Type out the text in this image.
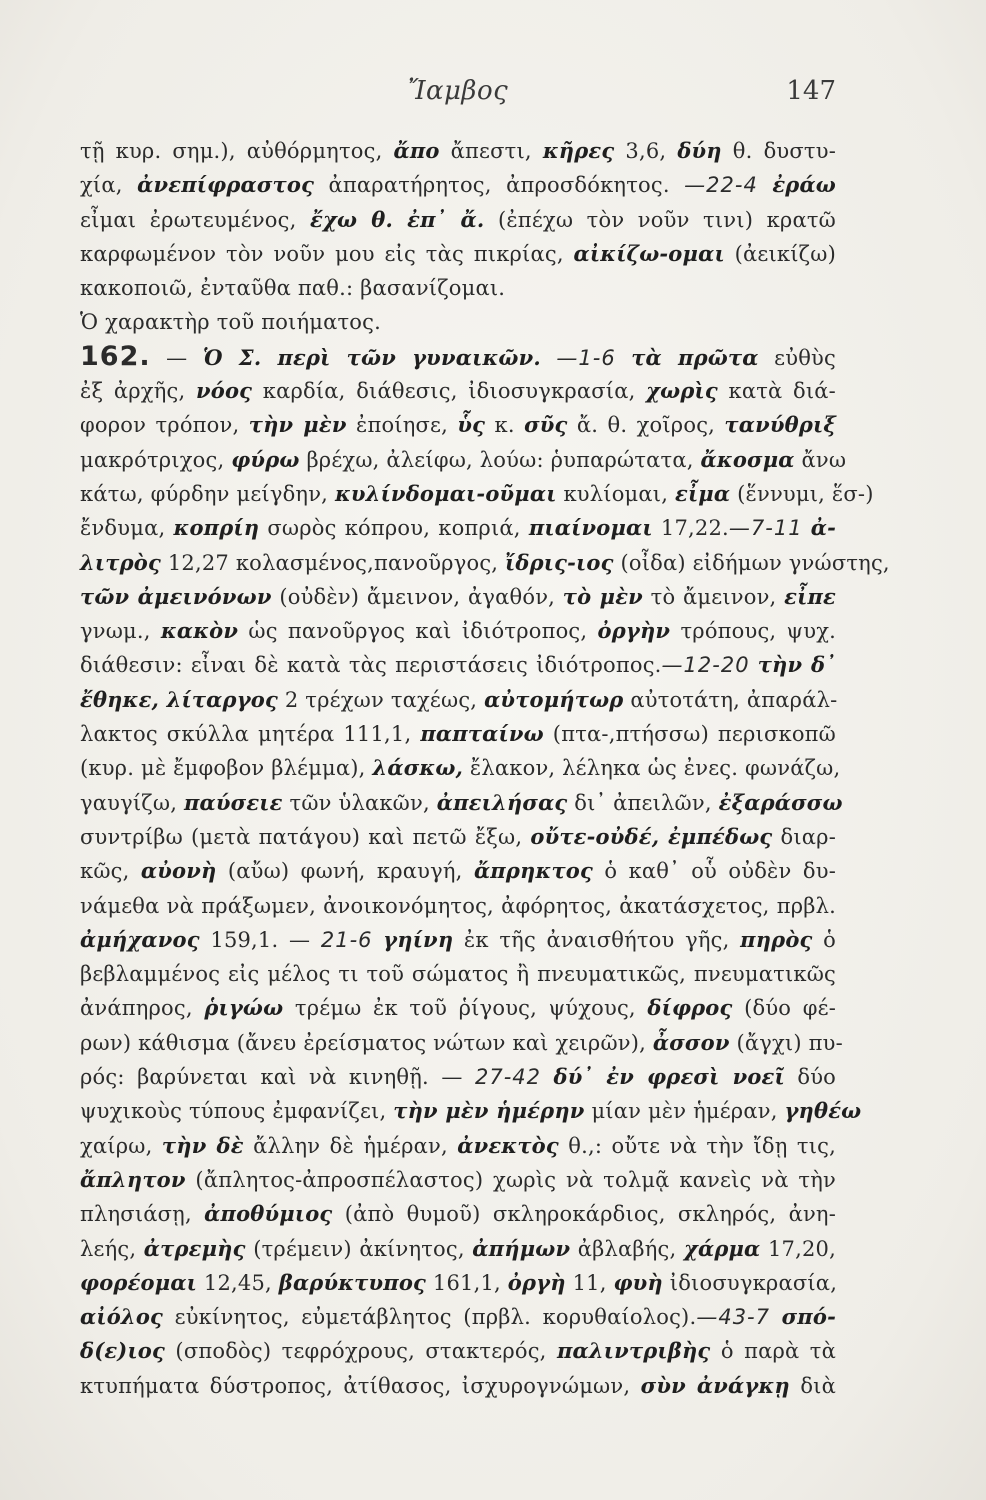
Ἴαμβος	147
τῇ κυρ. σημ.), αὐθόρμητος, ἄπο ἄπεστι, κῆρες 3,6, δύη θ. δυστυ-
χία, ἀνεπίφραστος ἀπαρατήρητος, ἀπροσδόκητος. —22-4 ἐράω
εἶμαι ἐρωτευμένος, ἔχω θ. ἐπ᾽ ἄ. (ἐπέχω τὸν νοῦν τινι) κρατῶ
καρφωμένον τὸν νοῦν μου εἰς τὰς πικρίας, αἰκίζω-ομαι (ἀεικίζω)
κακοποιῶ, ἐνταῦθα παθ.: βασανίζομαι.
Ὁ χαρακτὴρ τοῦ ποιήματος.
162. — Ὁ Σ. περὶ τῶν γυναικῶν. —1-6 τὰ πρῶτα εὐθὺς
ἐξ ἀρχῆς, νόος καρδία, διάθεσις, ἰδιοσυγκρασία, χωρὶς κατὰ διά-
φορον τρόπον, τὴν μὲν ἐποίησε, ὗς κ. σῦς ἄ. θ. χοῖρος, τανύθριξ
μακρότριχος, φύρω βρέχω, ἀλείφω, λούω: ῥυπαρώτατα, ἄκοσμα ἄνω
κάτω, φύρδην μείγδην, κυλίνδομαι-οῦμαι κυλίομαι, εἶμα (ἕννυμι, ἕσ-)
ἔνδυμα, κοπρίη σωρὸς κόπρου, κοπριά, πιαίνομαι 17,22.—7-11 ἀ-
λιτρὸς 12,27 κολασμένος,πανοῦργος, ἴδρις-ιος (οἶδα) εἰδήμων γνώστης,
τῶν ἀμεινόνων (οὐδὲν) ἄμεινον, ἀγαθόν, τὸ μὲν τὸ ἄμεινον, εἶπε
γνωμ., κακὸν ὡς πανοῦργος καὶ ἰδιότροπος, ὀργὴν τρόπους, ψυχ.
διάθεσιν: εἶναι δὲ κατὰ τὰς περιστάσεις ἰδιότροπος.—12-20 τὴν δ᾽
ἔθηκε, λίταργος 2 τρέχων ταχέως, αὐτομήτωρ αὐτοτάτη, ἀπαράλ-
λακτος σκύλλα μητέρα 111,1, παπταίνω (πτα-,πτήσσω) περισκοπῶ
(κυρ. μὲ ἔμφοβον βλέμμα), λάσκω, ἔλακον, λέληκα ὡς ἐνες. φωνάζω,
γαυγίζω, παύσειε τῶν ὑλακῶν, ἀπειλήσας δι᾽ ἀπειλῶν, ἐξαράσσω
συντρίβω (μετὰ πατάγου) καὶ πετῶ ἔξω, οὔτε-οὐδέ, ἐμπέδως διαρ-
κῶς, αὐονὴ (αὔω) φωνή, κραυγή, ἄπρηκτος ὁ καθ᾽ οὗ οὐδὲν δυ-
νάμεθα νὰ πράξωμεν, ἀνοικονόμητος, ἀφόρητος, ἀκατάσχετος, πρβλ.
ἀμήχανος 159,1. — 21-6 γηίνη ἐκ τῆς ἀναισθήτου γῆς, πηρὸς ὁ
βεβλαμμένος εἰς μέλος τι τοῦ σώματος ἢ πνευματικῶς, πνευματικῶς
ἀνάπηρος, ῥιγώω τρέμω ἐκ τοῦ ῥίγους, ψύχους, δίφρος (δύο φέ-
ρων) κάθισμα (ἄνευ ἐρείσματος νώτων καὶ χειρῶν), ἆσσον (ἄγχι) πυ-
ρός: βαρύνεται καὶ νὰ κινηθῇ. — 27-42 δύ᾽ ἐν φρεσὶ νοεῖ δύο
ψυχικοὺς τύπους ἐμφανίζει, τὴν μὲν ἡμέρην μίαν μὲν ἡμέραν, γηθέω
χαίρω, τὴν δὲ ἄλλην δὲ ἡμέραν, ἀνεκτὸς θ.,: οὔτε νὰ τὴν ἴδῃ τις,
ἄπλητον (ἄπλητος-ἀπροσπέλαστος) χωρὶς νὰ τολμᾷ κανεὶς νὰ τὴν
πλησιάσῃ, ἀποθύμιος (ἀπὸ θυμοῦ) σκληροκάρδιος, σκληρός, ἀνη-
λεής, ἀτρεμὴς (τρέμειν) ἀκίνητος, ἀπήμων ἀβλαβής, χάρμα 17,20,
φορέομαι 12,45, βαρύκτυπος 161,1, ὀργὴ 11, φυὴ ἰδιοσυγκρασία,
αἰόλος εὐκίνητος, εὐμετάβλητος (πρβλ. κορυθαίολος).—43-7 σπό-
δ(ε)ιος (σποδὸς) τεφρόχρους, στακτερός, παλιντριβὴς ὁ παρὰ τὰ
κτυπήματα δύστροπος, ἀτίθασος, ἰσχυρογνώμων, σὺν ἀνάγκῃ διὰ
